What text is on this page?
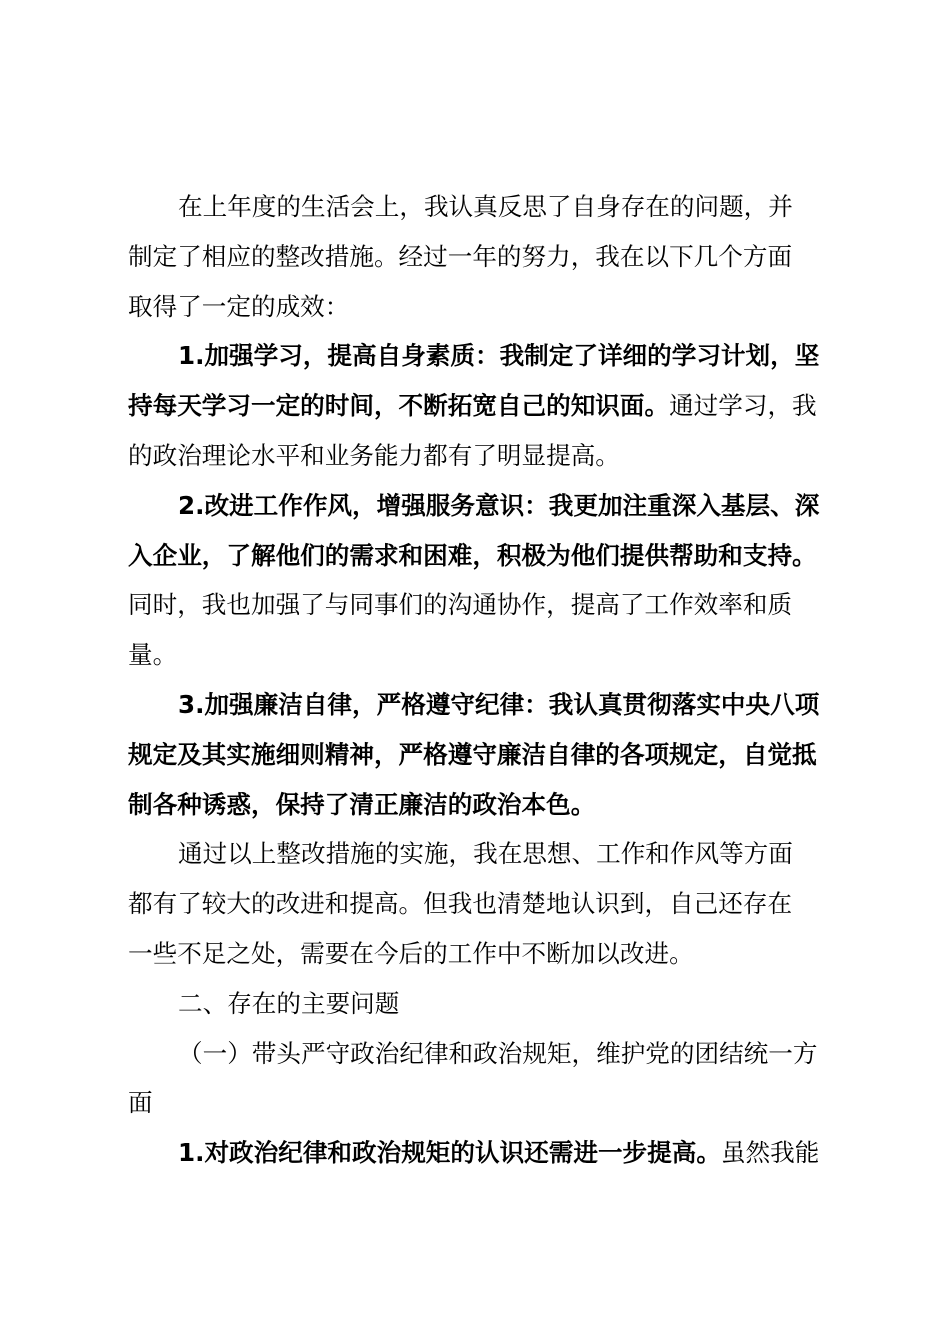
在上年度的生活会上，我认真反思了自身存在的问题，并
制定了相应的整改措施。经过一年的努力，我在以下几个方面
取得了一定的成效：
1.加强学习，提高自身素质：我制定了详细的学习计划，坚
持每天学习一定的时间，不断拓宽自己的知识面。通过学习，我
的政治理论水平和业务能力都有了明显提高。
2.改进工作作风，增强服务意识：我更加注重深入基层、深
入企业，了解他们的需求和困难，积极为他们提供帮助和支持。
同时，我也加强了与同事们的沟通协作，提高了工作效率和质
量。
3.加强廉洁自律，严格遵守纪律：我认真贯彻落实中央八项
规定及其实施细则精神，严格遵守廉洁自律的各项规定，自觉抵
制各种诱惑，保持了清正廉洁的政治本色。
通过以上整改措施的实施，我在思想、工作和作风等方面
都有了较大的改进和提高。但我也清楚地认识到，自己还存在
一些不足之处，需要在今后的工作中不断加以改进。
二、存在的主要问题
（一）带头严守政治纪律和政治规矩，维护党的团结统一方
面
1.对政治纪律和政治规矩的认识还需进一步提高。虽然我能
